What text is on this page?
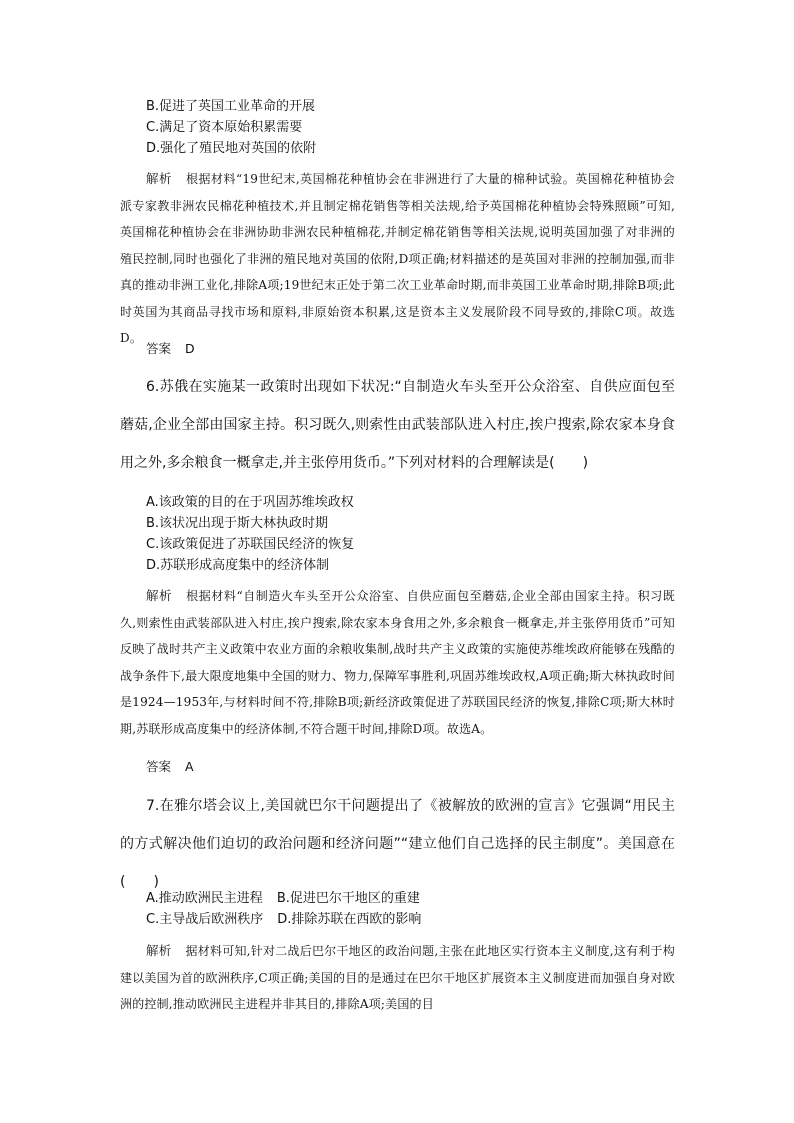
B.促进了英国工业革命的开展
C.满足了资本原始积累需要
D.强化了殖民地对英国的依附
解析 根据材料“19世纪末,英国棉花种植协会在非洲进行了大量的棉种试验。英国棉花种植协会派专家教非洲农民棉花种植技术,并且制定棉花销售等相关法规,给予英国棉花种植协会特殊照顾”可知,英国棉花种植协会在非洲协助非洲农民种植棉花,并制定棉花销售等相关法规,说明英国加强了对非洲的殖民控制,同时也强化了非洲的殖民地对英国的依附,D项正确;材料描述的是英国对非洲的控制加强,而非真的推动非洲工业化,排除A项;19世纪末正处于第二次工业革命时期,而非英国工业革命时期,排除B项;此时英国为其商品寻找市场和原料,非原始资本积累,这是资本主义发展阶段不同导致的,排除C项。故选D。
答案 D
6.苏俄在实施某一政策时出现如下状况:“自制造火车头至开公众浴室、自供应面包至蘑菇,企业全部由国家主持。积习既久,则索性由武装部队进入村庄,挨户搜索,除农家本身食用之外,多余粮食一概拿走,并主张停用货币。”下列对材料的合理解读是(　　)
A.该政策的目的在于巩固苏维埃政权
B.该状况出现于斯大林执政时期
C.该政策促进了苏联国民经济的恢复
D.苏联形成高度集中的经济体制
解析 根据材料“自制造火车头至开公众浴室、自供应面包至蘑菇,企业全部由国家主持。积习既久,则索性由武装部队进入村庄,挨户搜索,除农家本身食用之外,多余粮食一概拿走,并主张停用货币”可知反映了战时共产主义政策中农业方面的余粮收集制,战时共产主义政策的实施使苏维埃政府能够在残酷的战争条件下,最大限度地集中全国的财力、物力,保障军事胜利,巩固苏维埃政权,A项正确;斯大林执政时间是1924—1953年,与材料时间不符,排除B项;新经济政策促进了苏联国民经济的恢复,排除C项;斯大林时期,苏联形成高度集中的经济体制,不符合题干时间,排除D项。故选A。
答案 A
7.在雅尔塔会议上,美国就巴尔干问题提出了《被解放的欧洲的宣言》它强调“用民主的方式解决他们迫切的政治问题和经济问题”“建立他们自己选择的民主制度”。美国意在(　　)
A.推动欧洲民主进程 B.促进巴尔干地区的重建
C.主导战后欧洲秩序 D.排除苏联在西欧的影响
解析 据材料可知,针对二战后巴尔干地区的政治问题,主张在此地区实行资本主义制度,这有利于构建以美国为首的欧洲秩序,C项正确;美国的目的是通过在巴尔干地区扩展资本主义制度进而加强自身对欧洲的控制,推动欧洲民主进程并非其目的,排除A项;美国的目
